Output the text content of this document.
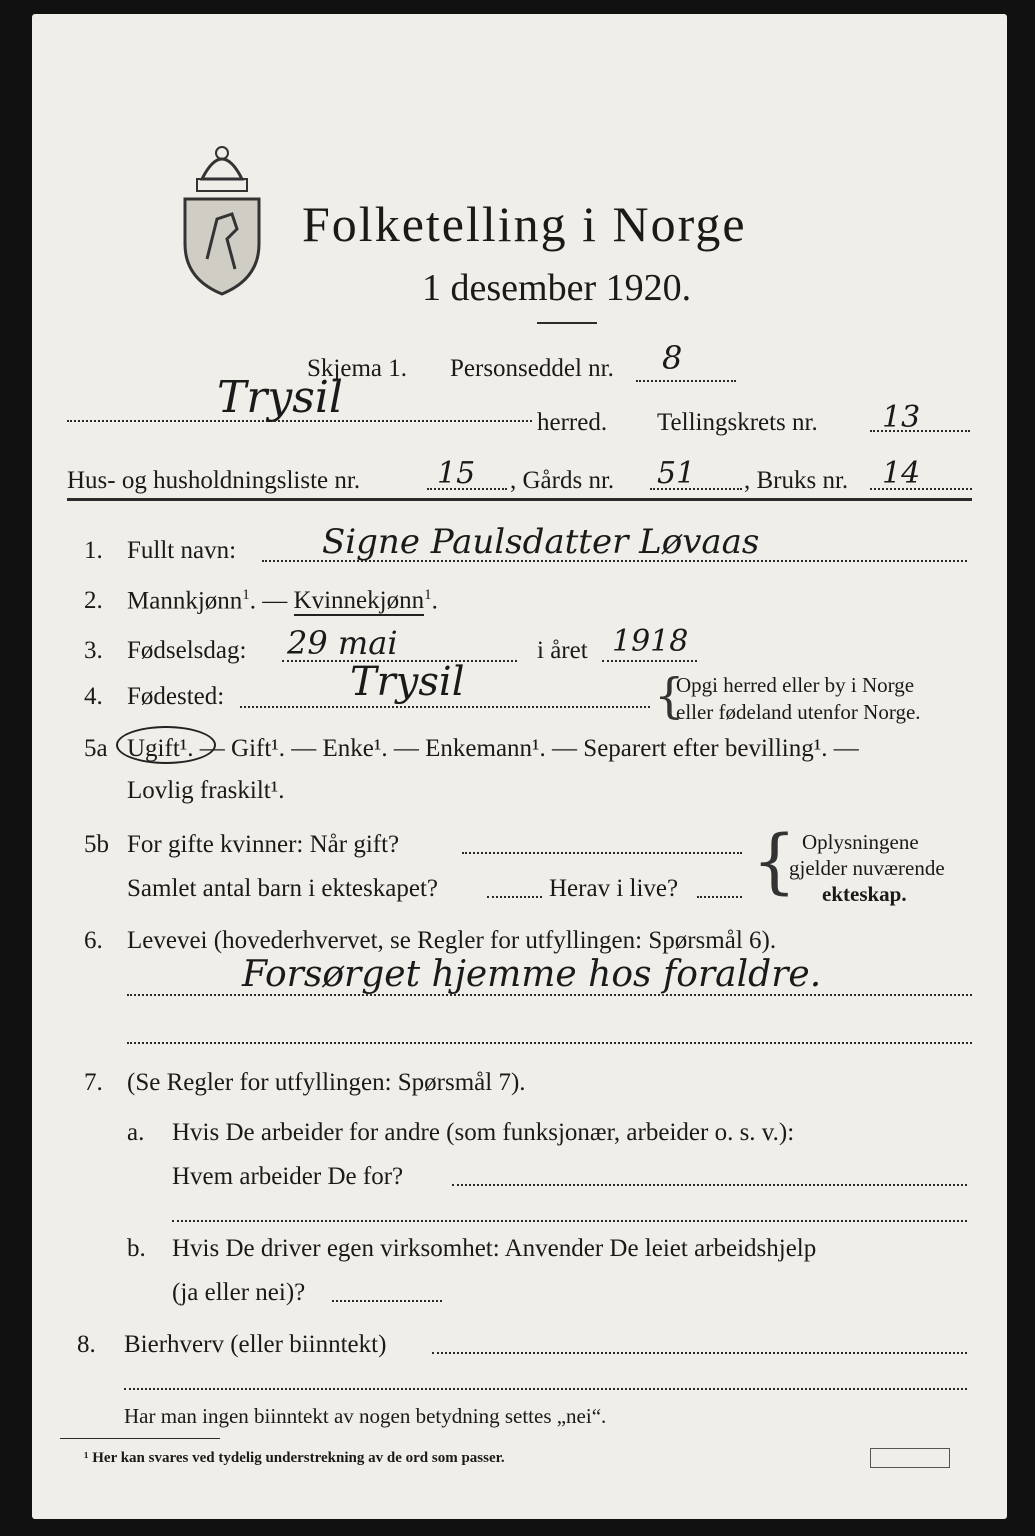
Folketelling i Norge
1 desember 1920.
Skjema 1. Personseddel nr. 8
Trysil	herred. Tellingskrets nr. 13
Hus- og husholdningsliste nr.	15 , Gårds nr. 51 , Bruks nr. 14
1. Fullt navn:	Signe Paulsdatter Løvaas
2. Mannkjønn$^1$. — Kvinnekjønn$^1$.
3. Fødselsdag: 29 mai	i året 1918
4. Fødested:	Trysil	{
Opgi herred eller by i Norge
eller fødeland utenfor Norge.
5a Ugift¹. — Gift¹. — Enke¹. — Enkemann¹. — Separert efter bevilling¹. —
Lovlig fraskilt¹.
5b For gifte kvinner: Når gift?
Samlet antal barn i ekteskapet?	Herav i live? { Oplysningene
gjelder nuværende
ekteskap.
6. Levevei (hovederhvervet, se Regler for utfyllingen: Spørsmål 6).
Forsørget hjemme hos foraldre.
7. (Se Regler for utfyllingen: Spørsmål 7).
a. Hvis De arbeider for andre (som funksjonær, arbeider o. s. v.):
Hvem arbeider De for?
b. Hvis De driver egen virksomhet: Anvender De leiet arbeidshjelp
(ja eller nei)?
8. Bierhverv (eller biinntekt)
Har man ingen biinntekt av nogen betydning settes „nei“.
¹ Her kan svares ved tydelig understrekning av de ord som passer.
